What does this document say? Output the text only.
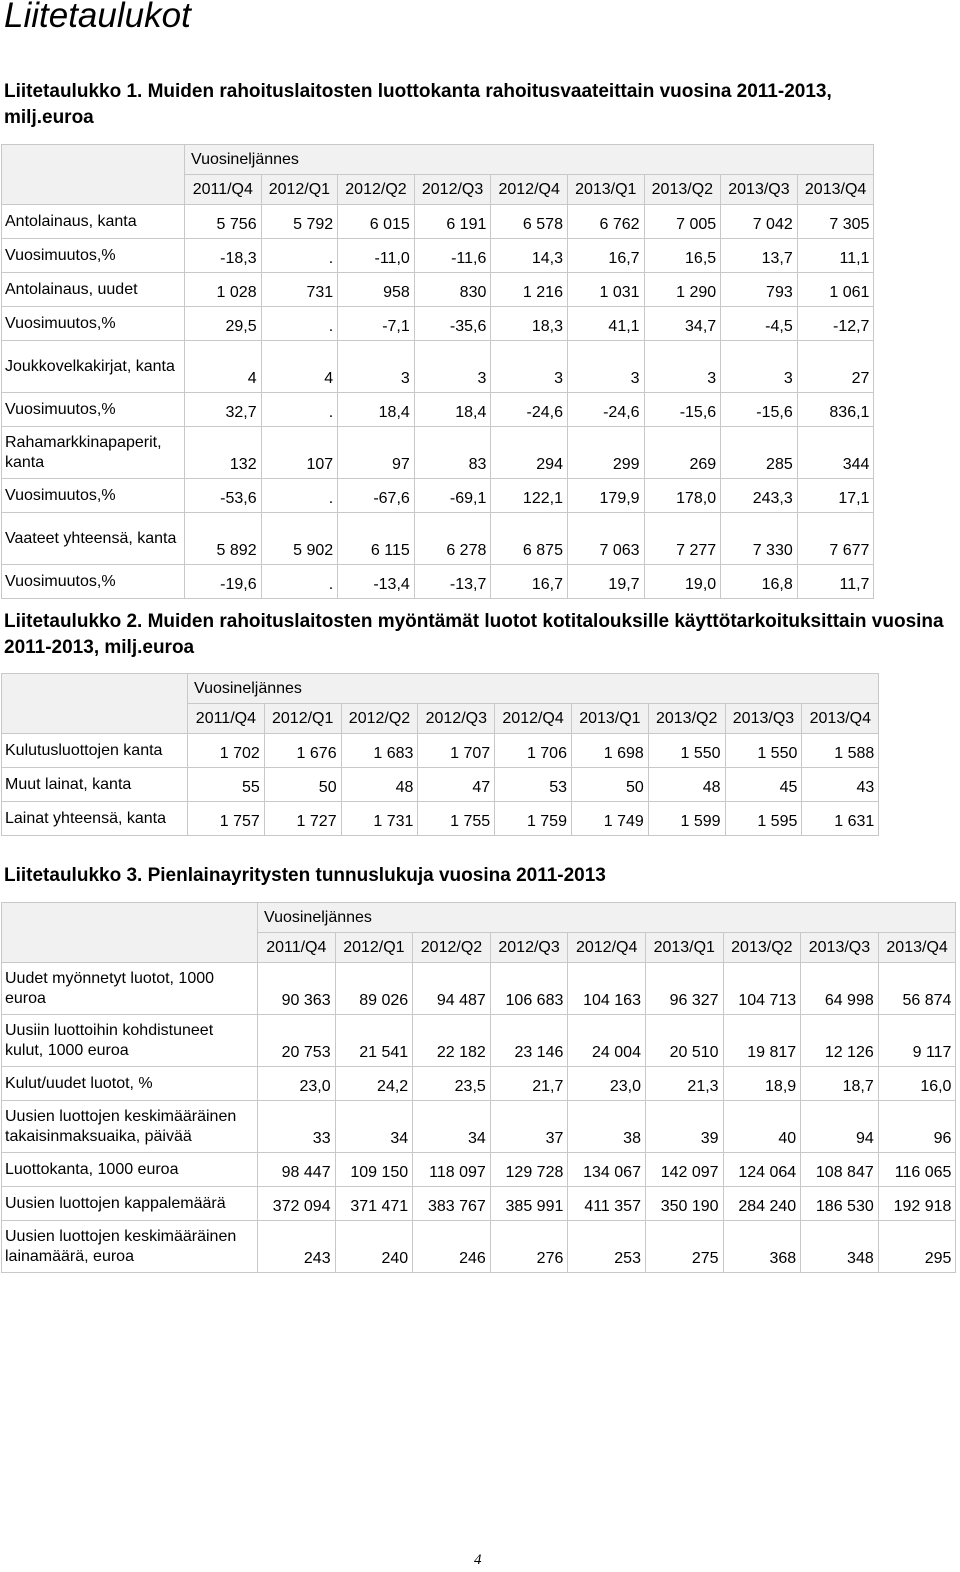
Liitetaulukot
Liitetaulukko 1. Muiden rahoituslaitosten luottokanta rahoitusvaateittain vuosina 2011-2013, milj.euroa
	Vuosineljännes								
	2011/Q4	2012/Q1	2012/Q2	2012/Q3	2012/Q4	2013/Q1	2013/Q2	2013/Q3	2013/Q4
Antolainaus, kanta	5 756	5 792	6 015	6 191	6 578	6 762	7 005	7 042	7 305
Vuosimuutos,%	-18,3	.	-11,0	-11,6	14,3	16,7	16,5	13,7	11,1
Antolainaus, uudet	1 028	731	958	830	1 216	1 031	1 290	793	1 061
Vuosimuutos,%	29,5	.	-7,1	-35,6	18,3	41,1	34,7	-4,5	-12,7
Joukkovelkakirjat, kanta	4	4	3	3	3	3	3	3	27
Vuosimuutos,%	32,7	.	18,4	18,4	-24,6	-24,6	-15,6	-15,6	836,1
Rahamarkkinapaperit, kanta	132	107	97	83	294	299	269	285	344
Vuosimuutos,%	-53,6	.	-67,6	-69,1	122,1	179,9	178,0	243,3	17,1
Vaateet yhteensä, kanta	5 892	5 902	6 115	6 278	6 875	7 063	7 277	7 330	7 677
Vuosimuutos,%	-19,6	.	-13,4	-13,7	16,7	19,7	19,0	16,8	11,7
Liitetaulukko 2. Muiden rahoituslaitosten myöntämät luotot kotitalouksille käyttötarkoituksittain vuosina 2011-2013, milj.euroa
	Vuosineljännes								
	2011/Q4	2012/Q1	2012/Q2	2012/Q3	2012/Q4	2013/Q1	2013/Q2	2013/Q3	2013/Q4
Kulutusluottojen kanta	1 702	1 676	1 683	1 707	1 706	1 698	1 550	1 550	1 588
Muut lainat, kanta	55	50	48	47	53	50	48	45	43
Lainat yhteensä, kanta	1 757	1 727	1 731	1 755	1 759	1 749	1 599	1 595	1 631
Liitetaulukko 3. Pienlainayritysten tunnuslukuja vuosina 2011-2013
	Vuosineljännes								
	2011/Q4	2012/Q1	2012/Q2	2012/Q3	2012/Q4	2013/Q1	2013/Q2	2013/Q3	2013/Q4
Uudet myönnetyt luotot, 1000 euroa	90 363	89 026	94 487	106 683	104 163	96 327	104 713	64 998	56 874
Uusiin luottoihin kohdistuneet kulut, 1000 euroa	20 753	21 541	22 182	23 146	24 004	20 510	19 817	12 126	9 117
Kulut/uudet luotot, %	23,0	24,2	23,5	21,7	23,0	21,3	18,9	18,7	16,0
Uusien luottojen keskimääräinen takaisinmaksuaika, päivää	33	34	34	37	38	39	40	94	96
Luottokanta, 1000 euroa	98 447	109 150	118 097	129 728	134 067	142 097	124 064	108 847	116 065
Uusien luottojen kappalemäärä	372 094	371 471	383 767	385 991	411 357	350 190	284 240	186 530	192 918
Uusien luottojen keskimääräinen lainamäärä, euroa	243	240	246	276	253	275	368	348	295
4
